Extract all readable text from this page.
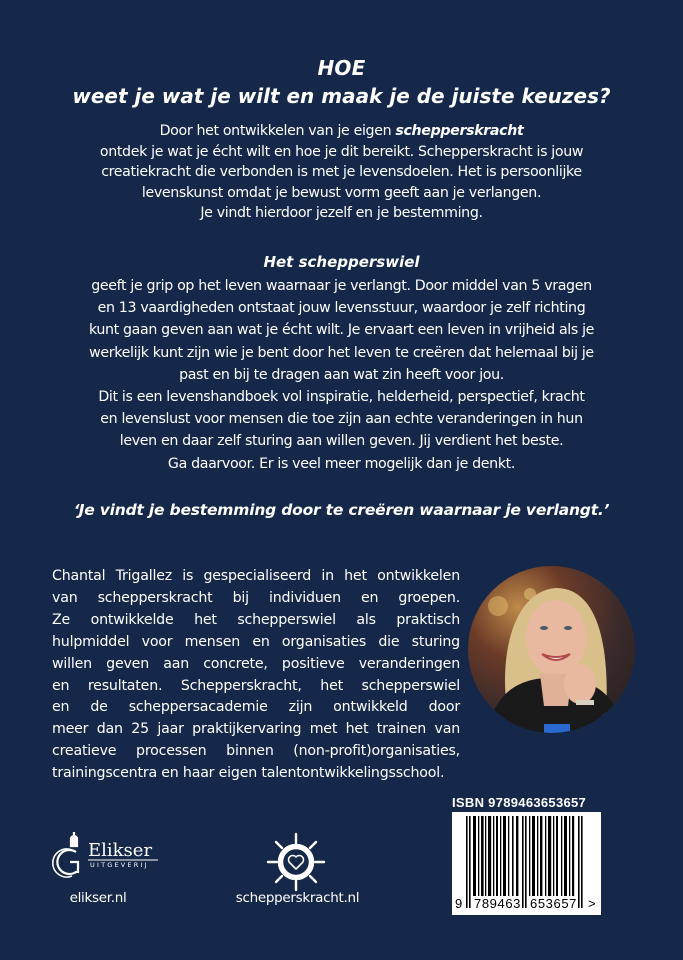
HOE
weet je wat je wilt en maak je de juiste keuzes?

Door het ontwikkelen van je eigen schepperskracht

ontdek je wat je écht wilt en hoe je dit bereikt. Schepperskracht is jouw

creatiekracht die verbonden is met je levensdoelen. Het is persoonlijke

levenskunst omdat je bewust vorm geeft aan je verlangen.

Je vindt hierdoor jezelf en je bestemming.

Het schepperswiel

geeft je grip op het leven waarnaar je verlangt. Door middel van 5 vragen

en 13 vaardigheden ontstaat jouw levensstuur, waardoor je zelf richting

kunt gaan geven aan wat je écht wilt. Je ervaart een leven in vrijheid als je

werkelijk kunt zijn wie je bent door het leven te creëren dat helemaal bij je

past en bij te dragen aan wat zin heeft voor jou.

Dit is een levenshandboek vol inspiratie, helderheid, perspectief, kracht

en levenslust voor mensen die toe zijn aan echte veranderingen in hun

leven en daar zelf sturing aan willen geven. Jij verdient het beste.

Ga daarvoor. Er is veel meer mogelijk dan je denkt.

‘Je vindt je bestemming door te creëren waarnaar je verlangt.’

Chantal Trigallez is gespecialiseerd in het ontwikkelen

van schepperskracht bij individuen en groepen.

Ze ontwikkelde het schepperswiel als praktisch

hulpmiddel voor mensen en organisaties die sturing

willen geven aan concrete, positieve veranderingen

en resultaten. Schepperskracht, het schepperswiel

en de scheppersacademie zijn ontwikkeld door

meer dan 25 jaar praktijkervaring met het trainen van

creatieve processen binnen (non-profit)organisaties,

trainingscentra en haar eigen talentontwikkelingsschool.

ISBN 9789463653657
9 789463 653657 >
Elikser
UITGEVERIJ
elikser.nl	schepperskracht.nl
